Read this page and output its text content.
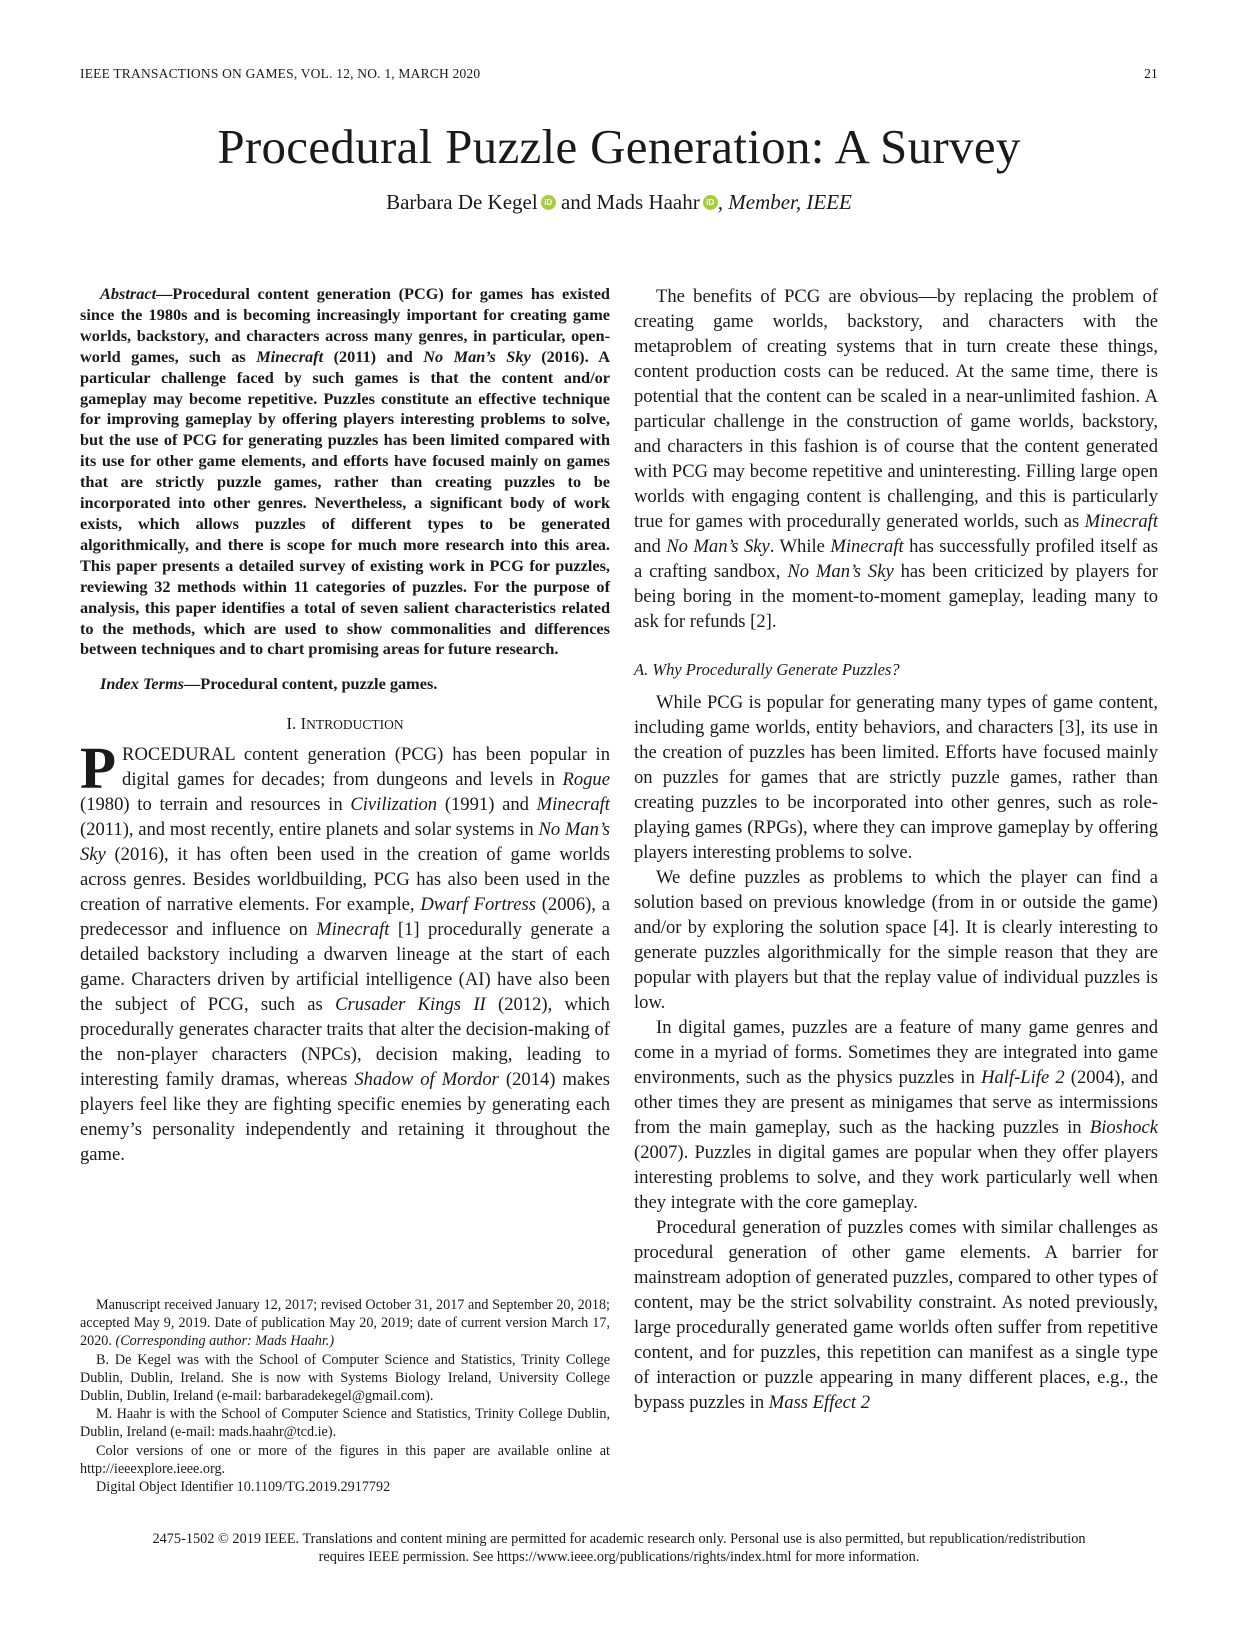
IEEE TRANSACTIONS ON GAMES, VOL. 12, NO. 1, MARCH 2020	21
Procedural Puzzle Generation: A Survey
Barbara De Kegel iD and Mads Haahr iD , Member, IEEE

Abstract—Procedural content generation (PCG) for games has existed since the 1980s and is becoming increasingly important for creating game worlds, backstory, and characters across many genres, in particular, open-world games, such as Minecraft (2011) and No Man’s Sky (2016). A particular challenge faced by such games is that the content and/or gameplay may become repetitive. Puzzles constitute an effective technique for improving gameplay by offering players interesting problems to solve, but the use of PCG for generating puzzles has been limited compared with its use for other game elements, and efforts have focused mainly on games that are strictly puzzle games, rather than creating puzzles to be incorporated into other genres. Nevertheless, a significant body of work exists, which allows puzzles of different types to be generated algorithmically, and there is scope for much more research into this area. This paper presents a detailed survey of existing work in PCG for puzzles, reviewing 32 methods within 11 categories of puzzles. For the purpose of analysis, this paper identifies a total of seven salient characteristics related to the methods, which are used to show commonalities and differences between techniques and to chart promising areas for future research.

Index Terms—Procedural content, puzzle games.

I. INTRODUCTION

PROCEDURAL content generation (PCG) has been popular in digital games for decades; from dungeons and levels in Rogue (1980) to terrain and resources in Civilization (1991) and Minecraft (2011), and most recently, entire planets and solar systems in No Man’s Sky (2016), it has often been used in the creation of game worlds across genres. Besides worldbuilding, PCG has also been used in the creation of narrative elements. For example, Dwarf Fortress (2006), a predecessor and influence on Minecraft [1] procedurally generate a detailed backstory including a dwarven lineage at the start of each game. Characters driven by artificial intelligence (AI) have also been the subject of PCG, such as Crusader Kings II (2012), which procedurally generates character traits that alter the decision-making of the non-player characters (NPCs), decision making, leading to interesting family dramas, whereas Shadow of Mordor (2014) makes players feel like they are fighting specific enemies by generating each enemy’s personality independently and retaining it throughout the game.

Manuscript received January 12, 2017; revised October 31, 2017 and September 20, 2018; accepted May 9, 2019. Date of publication May 20, 2019; date of current version March 17, 2020. (Corresponding author: Mads Haahr.)

B. De Kegel was with the School of Computer Science and Statistics, Trinity College Dublin, Dublin, Ireland. She is now with Systems Biology Ireland, University College Dublin, Dublin, Ireland (e-mail: barbaradekegel@gmail.com).

M. Haahr is with the School of Computer Science and Statistics, Trinity College Dublin, Dublin, Ireland (e-mail: mads.haahr@tcd.ie).

Color versions of one or more of the figures in this paper are available online at http://ieeexplore.ieee.org.

Digital Object Identifier 10.1109/TG.2019.2917792

The benefits of PCG are obvious—by replacing the problem of creating game worlds, backstory, and characters with the metaproblem of creating systems that in turn create these things, content production costs can be reduced. At the same time, there is potential that the content can be scaled in a near-unlimited fashion. A particular challenge in the construction of game worlds, backstory, and characters in this fashion is of course that the content generated with PCG may become repetitive and uninteresting. Filling large open worlds with engaging content is challenging, and this is particularly true for games with procedurally generated worlds, such as Minecraft and No Man’s Sky. While Minecraft has successfully profiled itself as a crafting sandbox, No Man’s Sky has been criticized by players for being boring in the moment-to-moment gameplay, leading many to ask for refunds [2].

A. Why Procedurally Generate Puzzles?

While PCG is popular for generating many types of game content, including game worlds, entity behaviors, and characters [3], its use in the creation of puzzles has been limited. Efforts have focused mainly on puzzles for games that are strictly puzzle games, rather than creating puzzles to be incorporated into other genres, such as role-playing games (RPGs), where they can improve gameplay by offering players interesting problems to solve.

We define puzzles as problems to which the player can find a solution based on previous knowledge (from in or outside the game) and/or by exploring the solution space [4]. It is clearly interesting to generate puzzles algorithmically for the simple reason that they are popular with players but that the replay value of individual puzzles is low.

In digital games, puzzles are a feature of many game genres and come in a myriad of forms. Sometimes they are integrated into game environments, such as the physics puzzles in Half-Life 2 (2004), and other times they are present as minigames that serve as intermissions from the main gameplay, such as the hacking puzzles in Bioshock (2007). Puzzles in digital games are popular when they offer players interesting problems to solve, and they work particularly well when they integrate with the core gameplay.

Procedural generation of puzzles comes with similar challenges as procedural generation of other game elements. A barrier for mainstream adoption of generated puzzles, compared to other types of content, may be the strict solvability constraint. As noted previously, large procedurally generated game worlds often suffer from repetitive content, and for puzzles, this repetition can manifest as a single type of interaction or puzzle appearing in many different places, e.g., the bypass puzzles in Mass Effect 2

2475-1502 © 2019 IEEE. Translations and content mining are permitted for academic research only. Personal use is also permitted, but republication/redistribution
requires IEEE permission. See https://www.ieee.org/publications/rights/index.html for more information.
